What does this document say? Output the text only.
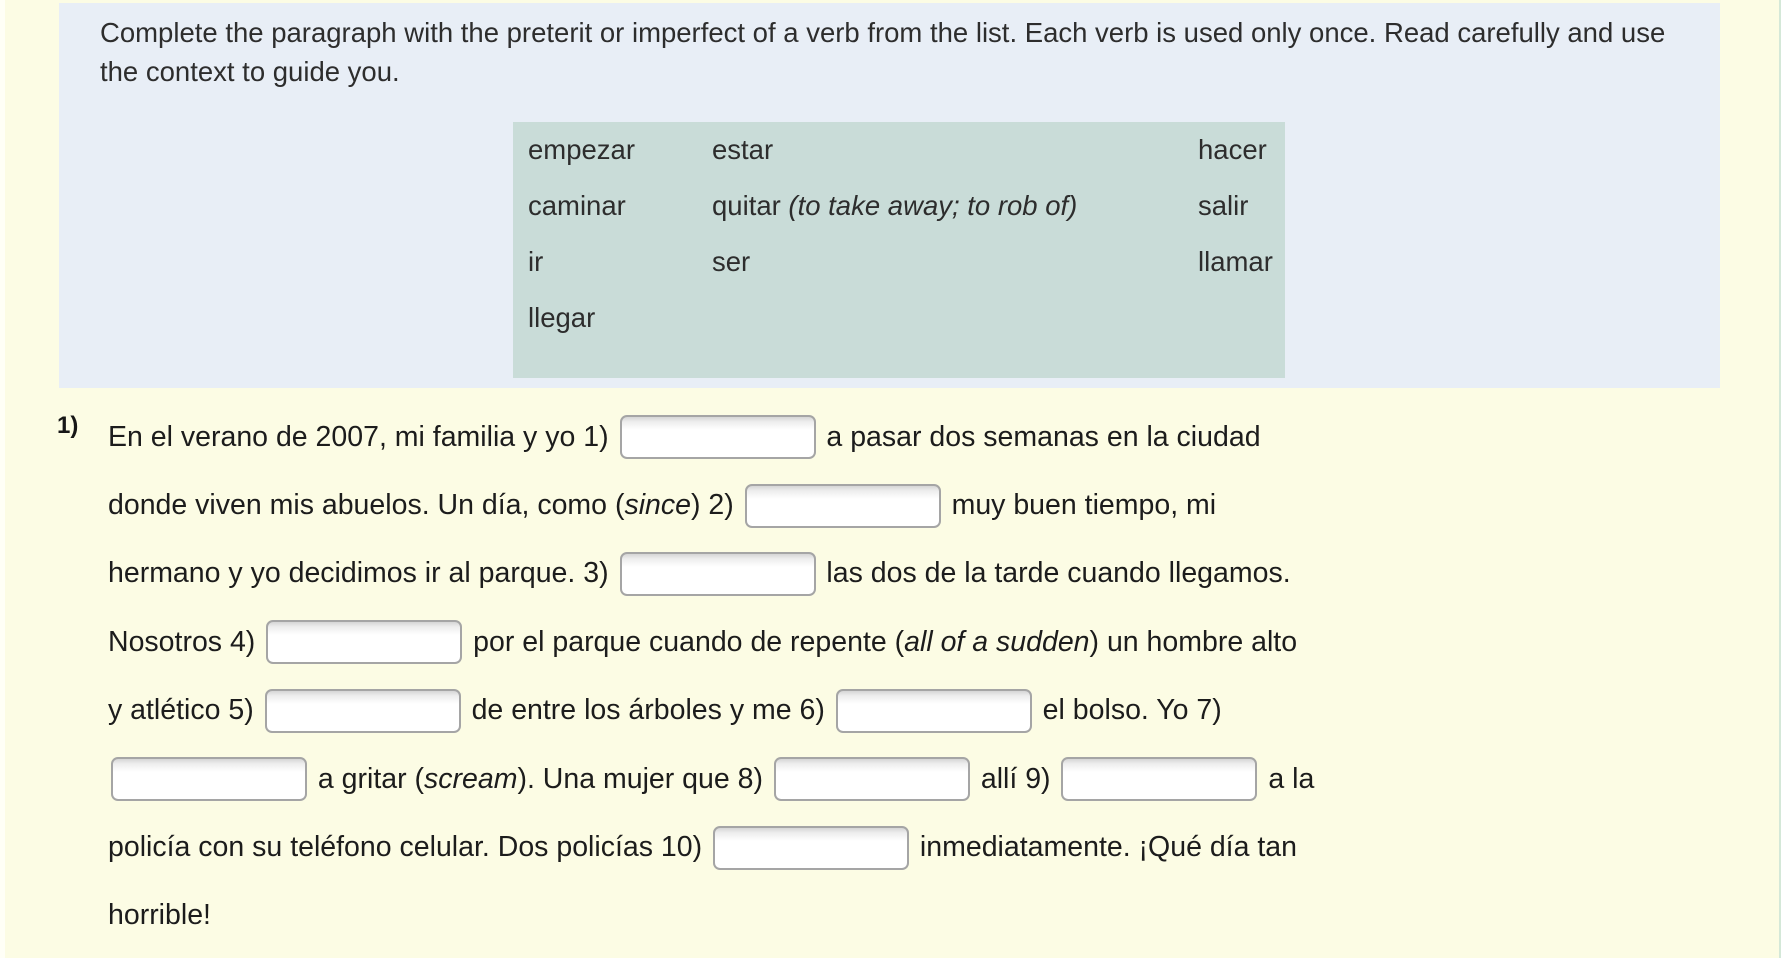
Complete the paragraph with the preterit or imperfect of a verb from the list. Each verb is used only once. Read carefully and use the context to guide you.

empezar	estar	hacer
caminar	quitar (to take away; to rob of)	salir
ir	ser	llamar
llegar
1) En el verano de 2007, mi familia y yo 1)	a pasar dos semanas en la ciudad
donde viven mis abuelos. Un día, como ( since ) 2)	muy buen tiempo, mi
hermano y yo decidimos ir al parque. 3)	las dos de la tarde cuando llegamos.
Nosotros 4)	por el parque cuando de repente ( all of a sudden ) un hombre alto
y atlético 5)	de entre los árboles y me 6)	el bolso. Yo 7)
a gritar ( scream ). Una mujer que 8)	allí 9)	a la
policía con su teléfono celular. Dos policías 10)	inmediatamente. ¡Qué día tan
horrible!
